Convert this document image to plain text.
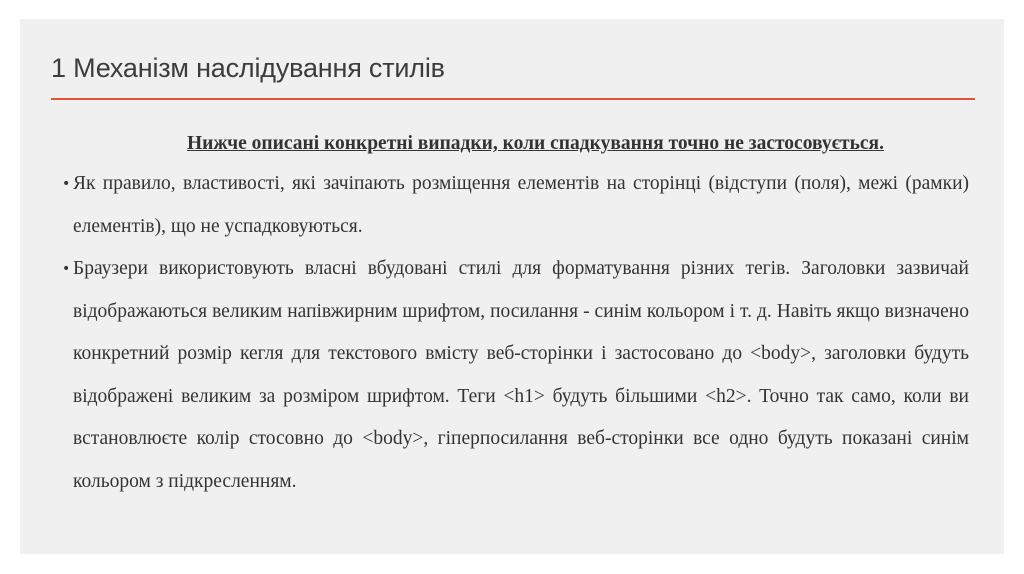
1 Механізм наслідування стилів

Нижче описані конкретні випадки, коли спадкування точно не застосовується.

• Як правило, властивості, які зачіпають розміщення елементів на сторінці (відступи (поля), межі (рамки) елементів), що не успадковуються.
• Браузери використовують власні вбудовані стилі для форматування різних тегів. Заголовки зазвичай відображаються великим напівжирним шрифтом, посилання - синім кольором і т. д. Навіть якщо визначено конкретний розмір кегля для текстового вмісту веб-сторінки і застосовано до <body>, заголовки будуть відображені великим за розміром шрифтом. Теги <h1> будуть більшими <h2>. Точно так само, коли ви встановлюєте колір стосовно до <body>, гіперпосилання веб-сторінки все одно будуть показані синім кольором з підкресленням.
